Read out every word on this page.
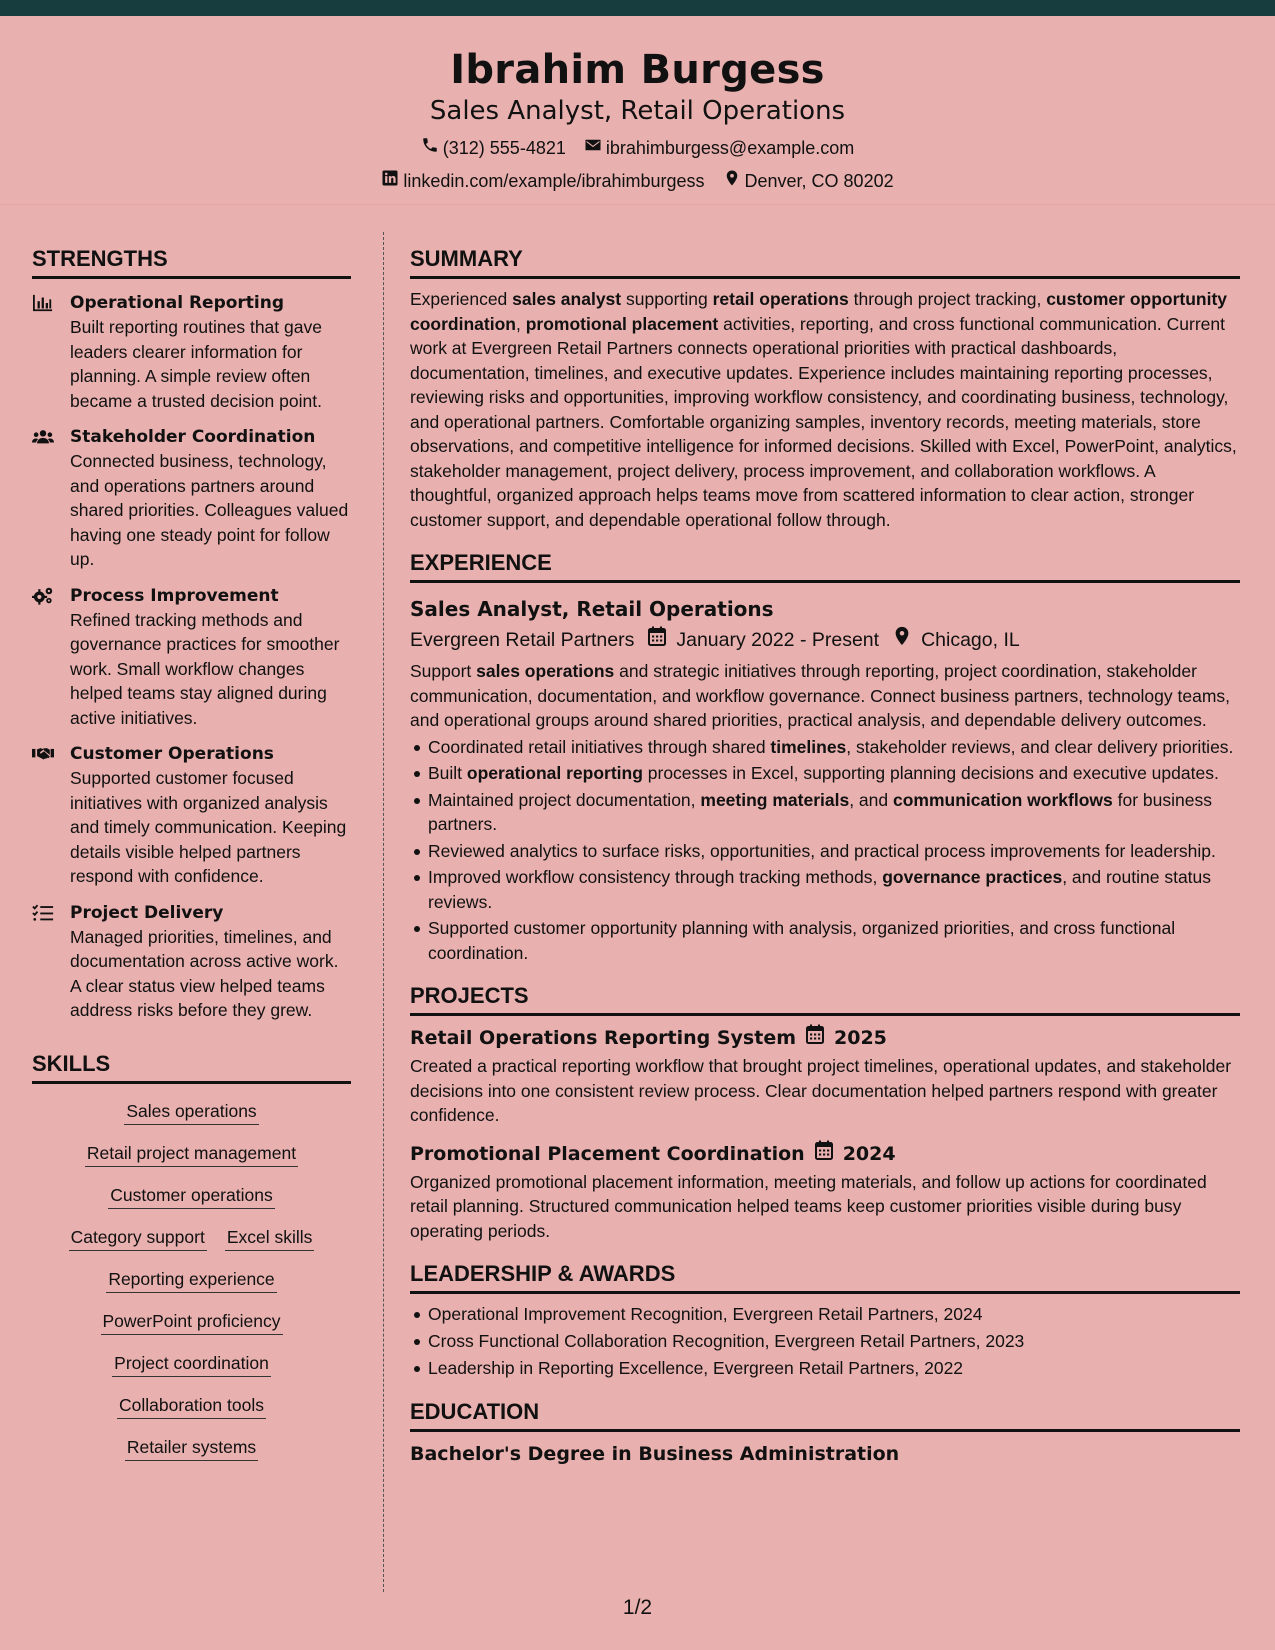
Ibrahim Burgess
Sales Analyst, Retail Operations
(312) 555-4821 ibrahimburgess@example.com
linkedin.com/example/ibrahimburgess Denver, CO 80202
STRENGTHS
Operational Reporting
Built reporting routines that gave leaders clearer information for planning. A simple review often became a trusted decision point.
Stakeholder Coordination
Connected business, technology, and operations partners around shared priorities. Colleagues valued having one steady point for follow up.
Process Improvement
Refined tracking methods and governance practices for smoother work. Small workflow changes helped teams stay aligned during active initiatives.
Customer Operations
Supported customer focused initiatives with organized analysis and timely communication. Keeping details visible helped partners respond with confidence.
Project Delivery
Managed priorities, timelines, and documentation across active work. A clear status view helped teams address risks before they grew.
SKILLS
Sales operations
Retail project management
Customer operations
Category support Excel skills
Reporting experience
PowerPoint proficiency
Project coordination
Collaboration tools
Retailer systems
SUMMARY
Experienced sales analyst supporting retail operations through project tracking, customer opportunity coordination, promotional placement activities, reporting, and cross functional communication. Current work at Evergreen Retail Partners connects operational priorities with practical dashboards, documentation, timelines, and executive updates. Experience includes maintaining reporting processes, reviewing risks and opportunities, improving workflow consistency, and coordinating business, technology, and operational partners. Comfortable organizing samples, inventory records, meeting materials, store observations, and competitive intelligence for informed decisions. Skilled with Excel, PowerPoint, analytics, stakeholder management, project delivery, process improvement, and collaboration workflows. A thoughtful, organized approach helps teams move from scattered information to clear action, stronger customer support, and dependable operational follow through.
EXPERIENCE
Sales Analyst, Retail Operations
Evergreen Retail Partners January 2022 - Present Chicago, IL
Support sales operations and strategic initiatives through reporting, project coordination, stakeholder communication, documentation, and workflow governance. Connect business partners, technology teams, and operational groups around shared priorities, practical analysis, and dependable delivery outcomes.
Coordinated retail initiatives through shared timelines, stakeholder reviews, and clear delivery priorities.
Built operational reporting processes in Excel, supporting planning decisions and executive updates.
Maintained project documentation, meeting materials, and communication workflows for business partners.
Reviewed analytics to surface risks, opportunities, and practical process improvements for leadership.
Improved workflow consistency through tracking methods, governance practices, and routine status reviews.
Supported customer opportunity planning with analysis, organized priorities, and cross functional coordination.
PROJECTS
Retail Operations Reporting System 2025
Created a practical reporting workflow that brought project timelines, operational updates, and stakeholder decisions into one consistent review process. Clear documentation helped partners respond with greater confidence.
Promotional Placement Coordination 2024
Organized promotional placement information, meeting materials, and follow up actions for coordinated retail planning. Structured communication helped teams keep customer priorities visible during busy operating periods.
LEADERSHIP & AWARDS
Operational Improvement Recognition, Evergreen Retail Partners, 2024
Cross Functional Collaboration Recognition, Evergreen Retail Partners, 2023
Leadership in Reporting Excellence, Evergreen Retail Partners, 2022
EDUCATION
Bachelor's Degree in Business Administration
1/2
